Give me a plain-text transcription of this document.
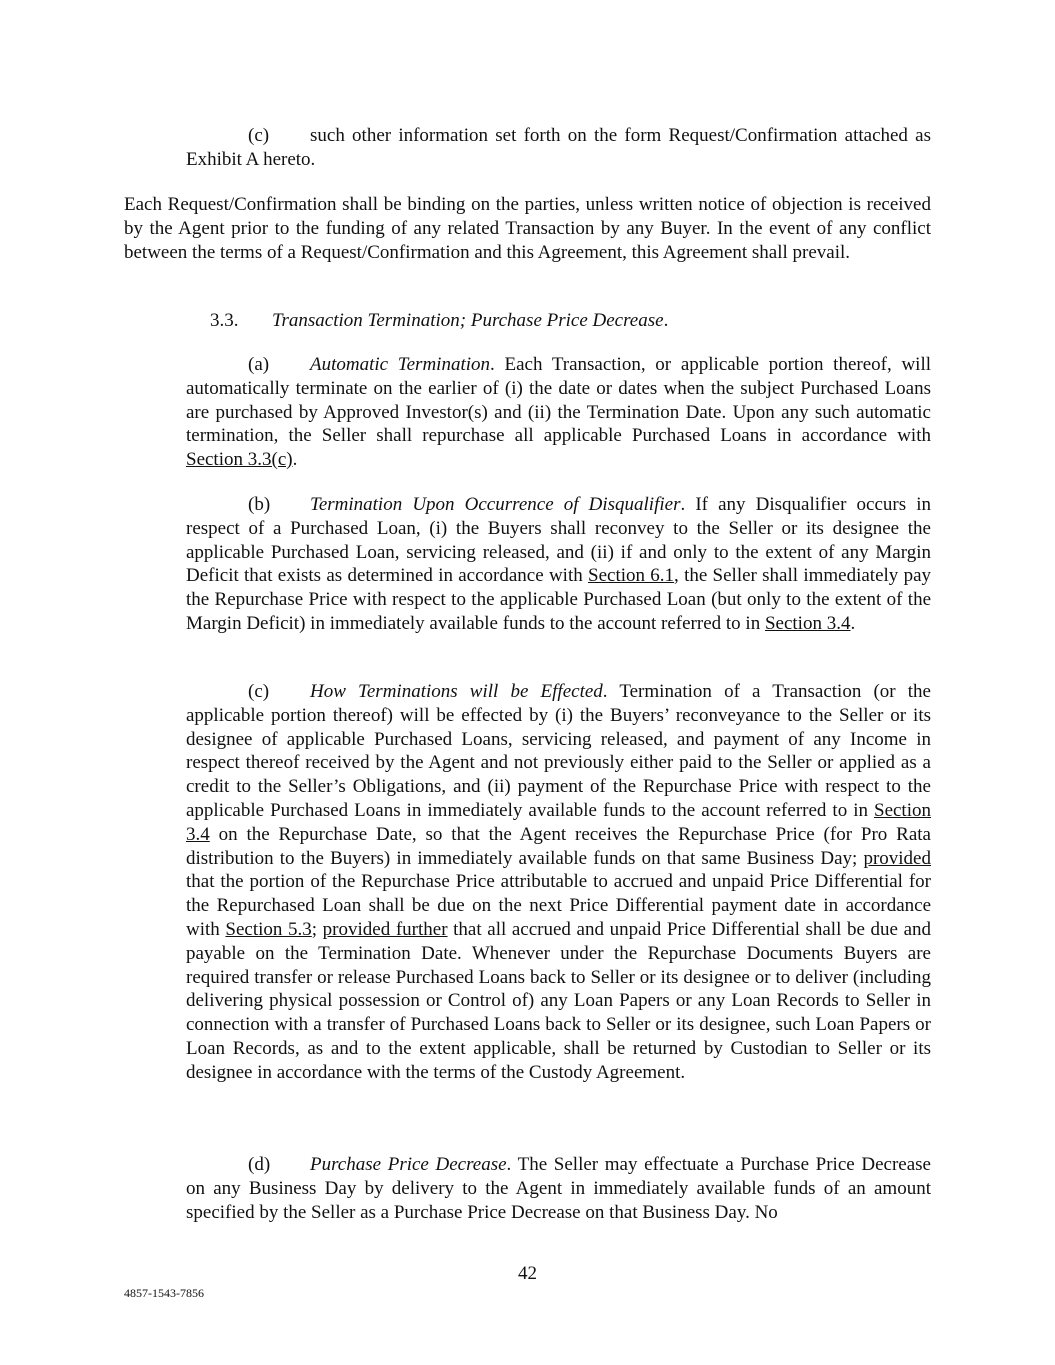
(c) such other information set forth on the form Request/Confirmation attached as Exhibit A hereto.

Each Request/Confirmation shall be binding on the parties, unless written notice of objection is received by the Agent prior to the funding of any related Transaction by any Buyer. In the event of any conflict between the terms of a Request/Confirmation and this Agreement, this Agreement shall prevail.

3.3. Transaction Termination; Purchase Price Decrease.

(a) Automatic Termination. Each Transaction, or applicable portion thereof, will automatically terminate on the earlier of (i) the date or dates when the subject Purchased Loans are purchased by Approved Investor(s) and (ii) the Termination Date. Upon any such automatic termination, the Seller shall repurchase all applicable Purchased Loans in accordance with Section 3.3(c).

(b) Termination Upon Occurrence of Disqualifier. If any Disqualifier occurs in respect of a Purchased Loan, (i) the Buyers shall reconvey to the Seller or its designee the applicable Purchased Loan, servicing released, and (ii) if and only to the extent of any Margin Deficit that exists as determined in accordance with Section 6.1, the Seller shall immediately pay the Repurchase Price with respect to the applicable Purchased Loan (but only to the extent of the Margin Deficit) in immediately available funds to the account referred to in Section 3.4.

(c) How Terminations will be Effected. Termination of a Transaction (or the applicable portion thereof) will be effected by (i) the Buyers’ reconveyance to the Seller or its designee of applicable Purchased Loans, servicing released, and payment of any Income in respect thereof received by the Agent and not previously either paid to the Seller or applied as a credit to the Seller’s Obligations, and (ii) payment of the Repurchase Price with respect to the applicable Purchased Loans in immediately available funds to the account referred to in Section 3.4 on the Repurchase Date, so that the Agent receives the Repurchase Price (for Pro Rata distribution to the Buyers) in immediately available funds on that same Business Day; provided that the portion of the Repurchase Price attributable to accrued and unpaid Price Differential for the Repurchased Loan shall be due on the next Price Differential payment date in accordance with Section 5.3; provided further that all accrued and unpaid Price Differential shall be due and payable on the Termination Date. Whenever under the Repurchase Documents Buyers are required transfer or release Purchased Loans back to Seller or its designee or to deliver (including delivering physical possession or Control of) any Loan Papers or any Loan Records to Seller in connection with a transfer of Purchased Loans back to Seller or its designee, such Loan Papers or Loan Records, as and to the extent applicable, shall be returned by Custodian to Seller or its designee in accordance with the terms of the Custody Agreement.

(d) Purchase Price Decrease. The Seller may effectuate a Purchase Price Decrease on any Business Day by delivery to the Agent in immediately available funds of an amount specified by the Seller as a Purchase Price Decrease on that Business Day. No

42
4857-1543-7856
